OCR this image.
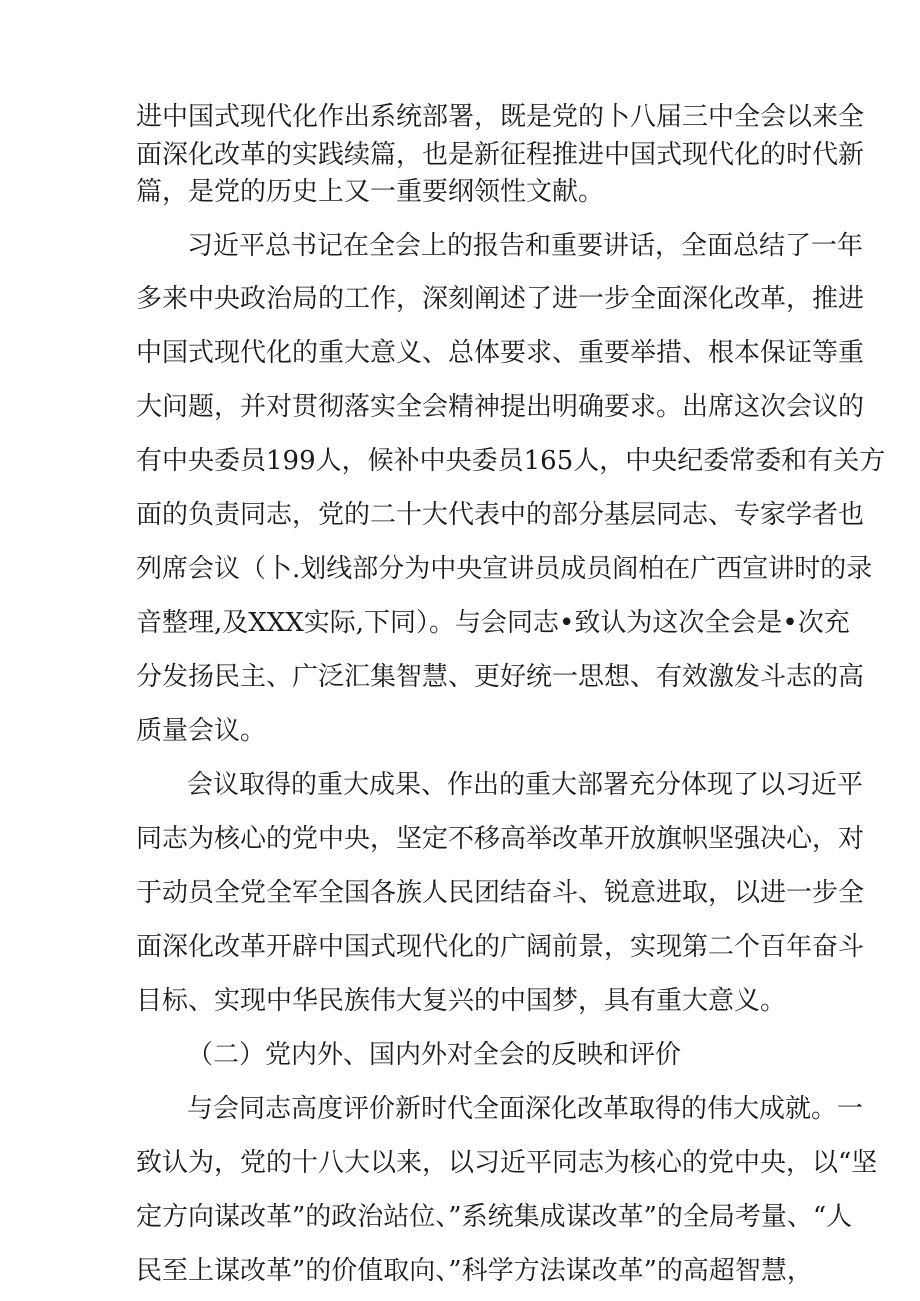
进中国式现代化作出系统部署，既是党的卜八届三中全会以来全
面深化改革的实践续篇，也是新征程推进中国式现代化的时代新
篇，是党的历史上又一重要纲领性文献。
习近平总书记在全会上的报告和重要讲话，全面总结了一年
多来中央政治局的工作，深刻阐述了进一步全面深化改革，推进
中国式现代化的重大意义、总体要求、重要举措、根本保证等重
大问题，并对贯彻落实全会精神提出明确要求。出席这次会议的
有中央委员199人，候补中央委员165人，中央纪委常委和有关方
面的负责同志，党的二十大代表中的部分基层同志、专家学者也
列席会议（卜.划线部分为中央宣讲员成员阎柏在广西宣讲时的录
音整理,及XXX实际,下同）。与会同志•致认为这次全会是•次充
分发扬民主、广泛汇集智慧、更好统一思想、有效激发斗志的高
质量会议。
会议取得的重大成果、作出的重大部署充分体现了以习近平
同志为核心的党中央，坚定不移高举改革开放旗帜坚强决心，对
于动员全党全军全国各族人民团结奋斗、锐意进取，以进一步全
面深化改革开辟中国式现代化的广阔前景，实现第二个百年奋斗
目标、实现中华民族伟大复兴的中国梦，具有重大意义。
（二）党内外、国内外对全会的反映和评价
与会同志高度评价新时代全面深化改革取得的伟大成就。一
致认为，党的十八大以来，以习近平同志为核心的党中央，以“坚
定方向谋改革”的政治站位、”系统集成谋改革”的全局考量、“人
民至上谋改革”的价值取向、”科学方法谋改革”的高超智慧，
